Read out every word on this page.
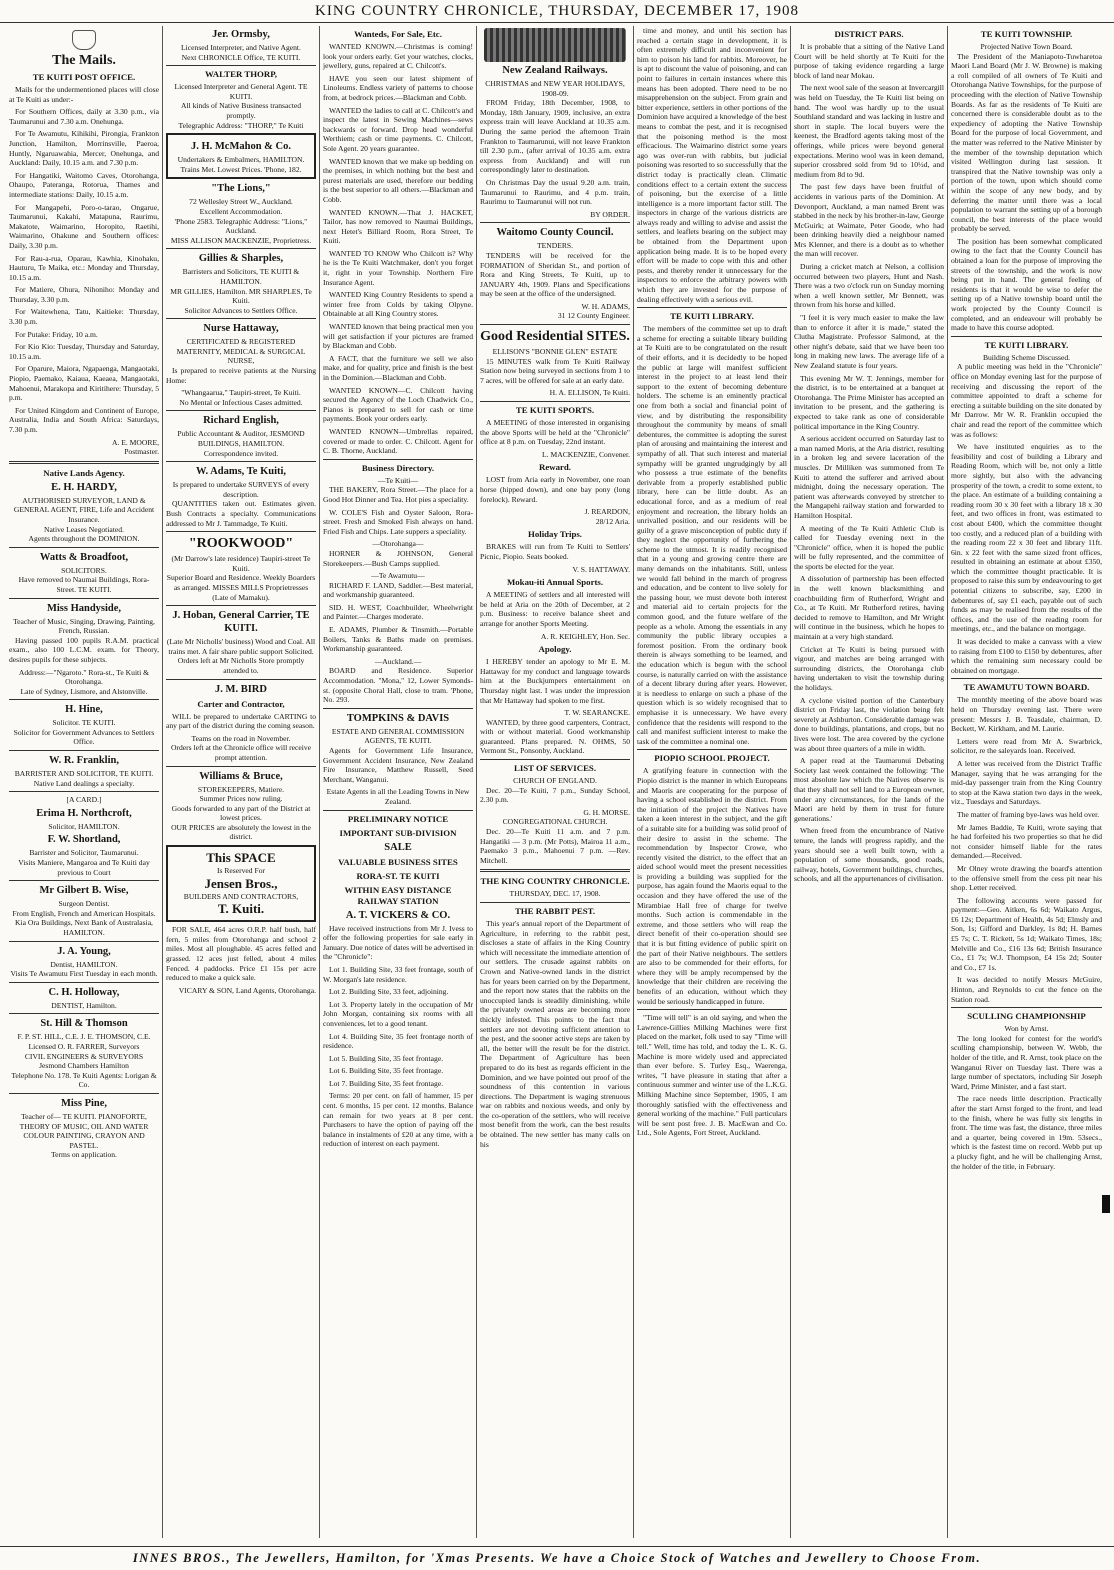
KING COUNTRY CHRONICLE, THURSDAY, DECEMBER 17, 1908
The Mails.
TE KUITI POST OFFICE.

Mails for the undermentioned places will close at Te Kuiti as under:-

For Southern Offices, daily at 3.30 p.m., via Taumarunui and 7.30 a.m. Onehunga.

For Te Awamutu, Kihikihi, Pirongia, Frankton Junction, Hamilton, Morrinsville, Paeroa, Huntly, Ngaruawahia, Mercer, Onehunga, and Auckland: Daily, 10.15 a.m. and 7.30 p.m.

For Hangatiki, Waitomo Caves, Otorohanga, Ohaupo, Pateranga, Rotorua, Thames and intermediate stations: Daily, 10.15 a.m.

For Mangapehi, Poro-o-tarao, Ongarue, Taumarunui, Kakahi, Matapuna, Raurimu, Makatote, Waimarino, Horopito, Raetihi, Waimarino, Ohakune and Southern offices: Daily, 3.30 p.m.

For Rau-a-rua, Oparau, Kawhia, Kinohaku, Hauturu, Te Maika, etc.: Monday and Thursday, 10.15 a.m.

For Matiere, Ohura, Nihoniho: Monday and Thursday, 3.30 p.m.

For Waitewhena, Tatu, Kaitieke: Thursday, 3.30 p.m.

For Putake: Friday, 10 a.m.

For Kio Kio: Tuesday, Thursday and Saturday, 10.15 a.m.

For Oparure, Maiora, Ngapaenga, Mangaotaki, Piopio, Paemako, Kaiaua, Kaeaea, Mangaotaki, Mahoenui, Marakopa and Kiritihere: Thursday, 5 p.m.

For United Kingdom and Continent of Europe, Australia, India and South Africa: Saturdays, 7.30 p.m.

A. E. MOORE,
Postmaster.
Native Lands Agency.
E. H. HARDY,
AUTHORISED SURVEYOR, LAND & GENERAL AGENT, FIRE, Life and Accident Insurance.
Native Leases Negotiated.
Agents throughout the DOMINION.
Watts & Broadfoot,
SOLICITORS.
Have removed to Naumai Buildings, Rora-Street. TE KUITI.
Miss Handyside,
Teacher of Music, Singing, Drawing, Painting, French, Russian.

Having passed 100 pupils R.A.M. practical exam., also 100 L.C.M. exam. for Theory, desires pupils for these subjects.

Address:—"Ngaroto." Rora-st., Te Kuiti & Otorohanga.
Late of Sydney, Lismore, and Alstonville.
H. Hine,
Solicitor. TE KUITI.
Solicitor for Government Advances to Settlers Office.
W. R. Franklin,
BARRISTER AND SOLICITOR, TE KUITI.
Native Land dealings a specialty.
[A CARD.]
Erima H. Northcroft,
Solicitor, HAMILTON.
F. W. Shortland,
Barrister and Solicitor, Taumarunui.
Visits Maniere, Mangaroa and Te Kuiti day previous to Court
Mr Gilbert B. Wise,
Surgeon Dentist.
From English, French and American Hospitals. Kia Ora Buildings, Next Bank of Australasia, HAMILTON.
J. A. Young,
Dentist, HAMILTON.
Visits Te Awamutu First Tuesday in each month.
C. H. Holloway,
DENTIST, Hamilton.
St. Hill & Thomson
F. P. ST. HILL, C.E. J. E. THOMSON, C.E. Licensed O. R. FARRER, Surveyors
CIVIL ENGINEERS & SURVEYORS
Jesmond Chambers Hamilton
Telephone No. 178. Te Kuiti Agents: Lorigan & Co.
Miss Pine,
Teacher of— TE KUITI. PIANOFORTE, THEORY OF MUSIC, OIL AND WATER COLOUR PAINTING, CRAYON AND PASTEL.
Terms on application.
Jer. Ormsby,
Licensed Interpreter, and Native Agent.
Next CHRONICLE Office, TE KUITI.
WALTER THORP,
Licensed Interpreter and General Agent. TE KUITI.
All kinds of Native Business transacted promptly.
Telegraphic Address: "THORP," Te Kuiti
J. H. McMahon & Co.
Undertakers & Embalmers, HAMILTON.
Trains Met. Lowest Prices. 'Phone, 182.
"The Lions,"
72 Wellesley Street W., Auckland.
Excellent Accommodation.
'Phone 2583. Telegraphic Address: "Lions," Auckland.
MISS ALLISON MACKENZIE, Proprietress.
Gillies & Sharples,
Barristers and Solicitors, TE KUITI & HAMILTON.
MR GILLIES, Hamilton. MR SHARPLES, Te Kuiti.
Solicitor Advances to Settlers Office.
Nurse Hattaway,
CERTIFICATED & REGISTERED MATERNITY, MEDICAL & SURGICAL NURSE,

Is prepared to receive patients at the Nursing Home:

"Whangaarua," Taupiri-street, Te Kuiti.
No Mental or Infectious Cases admitted.
Richard English,
Public Accountant & Auditor, JESMOND BUILDINGS, HAMILTON.
Correspondence invited.
W. Adams, Te Kuiti,
Is prepared to undertake SURVEYS of every description.

QUANTITIES taken out. Estimates given. Bush Contracts a specialty. Communications addressed to Mr J. Tammadge, Te Kuiti.

"ROOKWOOD"
(Mr Darrow's late residence) Taupiri-street Te Kuiti.
Superior Board and Residence. Weekly Boarders as arranged. MISSES MILLS Proprietresses (Late of Mamaku).
J. Hoban, General Carrier, TE KUITI.
(Late Mr Nicholls' business) Wood and Coal. All trains met. A fair share public support Solicited.
Orders left at Mr Nicholls Store promptly attended to.
J. M. BIRD
Carter and Contractor,

WILL be prepared to undertake CARTING to any part of the district during the coming season.

Teams on the road in November.
Orders left at the Chronicle office will receive prompt attention.
Williams & Bruce,
STOREKEEPERS, Matiere.
Summer Prices now ruling.
Goods forwarded to any part of the District at lowest prices.
OUR PRICES are absolutely the lowest in the district.
This SPACE
Is Reserved For
Jensen Bros.,
BUILDERS AND CONTRACTORS,
T. Kuiti.

FOR SALE, 464 acres O.R.P. half bush, half fern, 5 miles from Otorohanga and school 2 miles. Most all ploughable. 45 acres felled and grassed. 12 aces just felled, about 4 miles Fenced. 4 paddocks. Price £1 15s per acre reduced to make a quick sale.

VICARY & SON, Land Agents, Otorohanga.
Wanteds, For Sale, Etc.

WANTED KNOWN.—Christmas is coming! look your orders early. Get your watches, clocks, jewellery, guns, repaired at C. Chilcott's.

HAVE you seen our latest shipment of Linoleums. Endless variety of patterns to choose from, at bedrock prices.—Blackman and Cobb.

WANTED the ladies to call at C. Chilcott's and inspect the latest in Sewing Machines—sews backwards or forward. Drop head wonderful Werthiem; cash or time payments. C. Chilcott, Sole Agent. 20 years guarantee.

WANTED known that we make up bedding on the premises, in which nothing but the best and purest materials are used, therefore our bedding is the best superior to all others.—Blackman and Cobb.

WANTED KNOWN.—That J. HACKET, Tailor, has now removed to Naumai Buildings, next Hetet's Billiard Room, Rora Street, Te Kuiti.

WANTED TO KNOW Who Chilcott is? Why he is the Te Kuiti Watchmaker, don't you forget it, right in your Township. Northern Fire Insurance Agent.

WANTED King Country Residents to spend a winter free from Colds by taking Olpyne. Obtainable at all King Country stores.

WANTED known that being practical men you will get satisfaction if your pictures are framed by Blackman and Cobb.

A FACT, that the furniture we sell we also make, and for quality, price and finish is the best in the Dominion.—Blackman and Cobb.

WANTED KNOWN—C. Chilcott having secured the Agency of the Loch Chadwick Co., Pianos is prepared to sell for cash or time payments. Book your orders early.

WANTED KNOWN—Umbrellas repaired, covered or made to order. C. Chilcott. Agent for C. B. Thorne, Auckland.

Business Directory.
—Te Kuiti—

THE BAKERY, Rora Street.—The place for a Good Hot Dinner and Tea. Hot pies a speciality.

W. COLE'S Fish and Oyster Saloon, Rora-street. Fresh and Smoked Fish always on hand. Fried Fish and Chips. Late suppers a speciality.

—Otorohanga—

HORNER & JOHNSON, General Storekeepers.—Bush Camps supplied.

—Te Awamutu—

RICHARD F. LAND, Saddler.—Best material, and workmanship guaranteed.

SID. H. WEST, Coachbuilder, Wheelwright and Painter.—Charges moderate.

E. ADAMS, Plumber & Tinsmith.—Portable Boilers, Tanks & Baths made on premises. Workmanship guaranteed.

—Auckland.—

BOARD and Residence. Superior Accommodation. "Mona," 12, Lower Symonds-st. (opposite Choral Hall, close to tram. 'Phone, No. 293.

TOMPKINS & DAVIS
ESTATE AND GENERAL COMMISSION AGENTS, TE KUITI.

Agents for Government Life Insurance, Government Accident Insurance, New Zealand Fire Insurance, Matthew Russell, Seed Merchant, Wanganui.

Estate Agents in all the Leading Towns in New Zealand.
PRELIMINARY NOTICE
IMPORTANT SUB-DIVISION
SALE
VALUABLE BUSINESS SITES
RORA-ST. TE KUITI
WITHIN EASY DISTANCE RAILWAY STATION
A. T. VICKERS & CO.

Have received instructions from Mr J. Ivess to offer the following properties for sale early in January. Due notice of dates will be advertised in the "Chronicle":

Lot 1. Building Site, 33 feet frontage, south of W. Morgan's late residence.

Lot 2. Building Site, 33 feet, adjoining.

Lot 3. Property lately in the occupation of Mr John Morgan, containing six rooms with all conveniences, let to a good tenant.

Lot 4. Building Site, 35 feet frontage north of residence.

Lot 5. Building Site, 35 feet frontage.

Lot 6. Building Site, 35 feet frontage.

Lot 7. Building Site, 35 feet frontage.

Terms: 20 per cent. on fall of hammer, 15 per cent. 6 months, 15 per cent. 12 months. Balance can remain for two years at 8 per cent. Purchasers to have the option of paying off the balance in instalments of £20 at any time, with a reduction of interest on each payment.

New Zealand Railways.
CHRISTMAS and NEW YEAR HOLIDAYS, 1908-09.

FROM Friday, 18th December, 1908, to Monday, 18th January, 1909, inclusive, an extra express train will leave Auckland at 10.35 a.m. During the same period the afternoon Train Frankton to Taumarunui, will not leave Frankton till 2.30 p.m., (after arrival of 10.35 a.m. extra express from Auckland) and will run correspondingly later to destination.

On Christmas Day the usual 9.20 a.m. train, Taumarunui to Raurimu, and 4 p.m. train, Raurimu to Taumarunui will not run.

BY ORDER.
Waitomo County Council.
TENDERS.

TENDERS will be received for the FORMATION of Sheridan St., and portion of Rora and King Streets, Te Kuiti, up to JANUARY 4th, 1909. Plans and Specifications may be seen at the office of the undersigned.

W. H. ADAMS,
31 12 County Engineer.
Good Residential SITES.
ELLISON'S "BONNIE GLEN" ESTATE

15 MINUTES walk from Te Kuiti Railway Station now being surveyed in sections from 1 to 7 acres, will be offered for sale at an early date.

H. A. ELLISON, Te Kuiti.
TE KUITI SPORTS.

A MEETING of those interested in organising the above Sports will be held at the "Chronicle" office at 8 p.m. on Tuesday, 22nd instant.

L. MACKENZIE, Convener.
Reward.

LOST from Aria early in November, one roan horse (hipped down), and one bay pony (long forelock). Reward.

J. REARDON,
28/12 Aria.
Holiday Trips.

BRAKES will run from Te Kuiti to Settlers' Picnic, Piopio. Seats booked.

V. S. HATTAWAY.
Mokau-iti Annual Sports.

A MEETING of settlers and all interested will be held at Aria on the 20th of December, at 2 p.m. Business: to receive balance sheet and arrange for another Sports Meeting.

A. R. KEIGHLEY, Hon. Sec.
Apology.

I HEREBY tender an apology to Mr E. M. Hattaway for my conduct and language towards him at the Buckjumpers entertainment on Thursday night last. I was under the impression that Mr Hattaway had spoken to me first.

T. W. SEARANCKE.

WANTED, by three good carpenters, Contract, with or without material. Good workmanship guaranteed. Plans prepared. N. OHMS, 50 Vermont St., Ponsonby, Auckland.

LIST OF SERVICES.
CHURCH OF ENGLAND.

Dec. 20—Te Kuiti, 7 p.m., Sunday School, 2.30 p.m.

G. H. MORSE.
CONGREGATIONAL CHURCH.

Dec. 20—Te Kuiti 11 a.m. and 7 p.m. Hangatiki — 3 p.m. (Mr Potts), Mairoa 11 a.m., Paemako 3 p.m., Mahoenui 7 p.m. —Rev. Mitchell.

THE KING COUNTRY CHRONICLE.
THURSDAY, DEC. 17, 1908.
THE RABBIT PEST.

This year's annual report of the Department of Agriculture, in referring to the rabbit pest, discloses a state of affairs in the King Country which will necessitate the immediate attention of our settlers. The crusade against rabbits on Crown and Native-owned lands in the district has for years been carried on by the Department, and the report now states that the rabbits on the unoccupied lands is steadily diminishing, while the privately owned areas are becoming more thickly infested. This points to the fact that settlers are not devoting sufficient attention to the pest, and the sooner active steps are taken by all, the better will the result be for the district. The Department of Agriculture has been prepared to do its best as regards efficient in the Dominion, and we have pointed out proof of the soundness of this contention in various directions. The Department is waging strenuous war on rabbits and noxious weeds, and only by the co-operation of the settlers, who will receive most benefit from the work, can the best results be obtained. The new settler has many calls on his

time and money, and until his section has reached a certain stage in development, it is often extremely difficult and inconvenient for him to poison his land for rabbits. Moreover, he is apt to discount the value of poisoning, and can point to failures in certain instances where this means has been adopted. There need to be no misapprehension on the subject. From grain and bitter experience, settlers in other portions of the Dominion have acquired a knowledge of the best means to combat the pest, and it is recognised that the poisoning method is the most efficacious. The Waimarino district some years ago was over-run with rabbits, but judicial poisoning was resorted to so successfully that the district today is practically clean. Climatic conditions effect to a certain extent the success of poisoning, but the exercise of a little intelligence is a more important factor still. The inspectors in charge of the various districts are always ready and willing to advise and assist the settlers, and leaflets bearing on the subject may be obtained from the Department upon application being made. It is to be hoped every effort will be made to cope with this and other pests, and thereby render it unnecessary for the inspectors to enforce the arbitrary powers with which they are invested for the purpose of dealing effectively with a serious evil.

TE KUITI LIBRARY.

The members of the committee set up to draft a scheme for erecting a suitable library building at Te Kuiti are to be congratulated on the result of their efforts, and it is decidedly to be hoped the public at large will manifest sufficient interest in the project to at least lend their support to the extent of becoming debenture holders. The scheme is an eminently practical one from both a social and financial point of view, and by distributing the responsibility throughout the community by means of small debentures, the committee is adopting the surest plan of arousing and maintaining the interest and sympathy of all. That such interest and material sympathy will be granted ungrudgingly by all who possess a true estimate of the benefits derivable from a properly established public library, here can be little doubt. As an educational force, and as a medium of real enjoyment and recreation, the library holds an unrivalled position, and our residents will be guilty of a grave misconception of public duty if they neglect the opportunity of furthering the scheme to the utmost. It is readily recognised that in a young and growing centre there are many demands on the inhabitants. Still, unless we would fall behind in the march of progress and education, and be content to live solely for the passing hour, we must devote both interest and material aid to certain projects for the common good, and the future welfare of the people as a whole. Among the essentials in any community the public library occupies a foremost position. From the ordinary book therein is always something to be learned, and the education which is begun with the school course, is naturally carried on with the assistance of a decent library during after years. However, it is needless to enlarge on such a phase of the question which is so widely recognised that to emphasise it is unnecessary. We have every confidence that the residents will respond to the call and manifest sufficient interest to make the task of the committee a nominal one.

PIOPIO SCHOOL PROJECT.

A gratifying feature in connection with the Piopio district is the manner in which Europeans and Maoris are cooperating for the purpose of having a school established in the district. From the initiation of the project the Natives have taken a keen interest in the subject, and the gift of a suitable site for a building was solid proof of their desire to assist in the scheme. The recommendation by Inspector Crowe, who recently visited the district, to the effect that an aided school would meet the present necessities is providing a building was supplied for the purpose, has again found the Maoris equal to the occasion and they have offered the use of the Mirambiae Hall free of charge for twelve months. Such action is commendable in the extreme, and those settlers who will reap the direct benefit of their co-operation should see that it is but fitting evidence of public spirit on the part of their Native neighbours. The settlers are also to be commended for their efforts, for where they will be amply recompensed by the knowledge that their children are receiving the benefits of an education, without which they would be seriously handicapped in future.

"Time will tell" is an old saying, and when the Lawrence-Gillies Milking Machines were first placed on the market, folk used to say "Time will tell." Well, time has told, and today the L. K. G. Machine is more widely used and appreciated than ever before. S. Turley Esq., Waerenga, writes, "I have pleasure in stating that after a continuous summer and winter use of the L.K.G. Milking Machine since September, 1905, I am thoroughly satisfied with the effectiveness and general working of the machine." Full particulars will be sent post free. J. B. MacEwan and Co. Ltd., Sole Agents, Fort Street, Auckland.

DISTRICT PARS.

It is probable that a sitting of the Native Land Court will be held shortly at Te Kuiti for the purpose of taking evidence regarding a large block of land near Mokau.

The next wool sale of the season at Invercargill was held on Tuesday, the Te Kuiti list being on hand. The wool was hardly up to the usual Southland standard and was lacking in lustre and short in staple. The local buyers were the keenest, the Bradford agents taking most of the offerings, while prices were beyond general expectations. Merino wool was in keen demand, superior crossbred sold from 9d to 10½d, and medium from 8d to 9d.

The past few days have been fruitful of accidents in various parts of the Dominion. At Devonport, Auckland, a man named Brent was stabbed in the neck by his brother-in-law, George McGuirk; at Waimate, Peter Goode, who had been drinking heavily died a neighbour named Mrs Klenner, and there is a doubt as to whether the man will recover.

During a cricket match at Nelson, a collision occurred between two players, Hunt and Nash. There was a two o'clock run on Sunday morning when a well known settler, Mr Bennett, was thrown from his horse and killed.

"I feel it is very much easier to make the law than to enforce it after it is made," stated the Clutha Magistrate. Professor Salmond, at the other night's debate, said that we have been too long in making new laws. The average life of a New Zealand statute is four years.

This evening Mr W. T. Jennings, member for the district, is to be entertained at a banquet at Otorohanga. The Prime Minister has accepted an invitation to be present, and the gathering is expected to take rank as one of considerable political importance in the King Country.

A serious accident occurred on Saturday last to a man named Moris, at the Aria district, resulting in a broken leg and severe laceration of the muscles. Dr Milliken was summoned from Te Kuiti to attend the sufferer and arrived about midnight, doing the necessary operation. The patient was afterwards conveyed by stretcher to the Mangapehi railway station and forwarded to Hamilton Hospital.

A meeting of the Te Kuiti Athletic Club is called for Tuesday evening next in the "Chronicle" office, when it is hoped the public will be fully represented, and the committee of the sports be elected for the year.

A dissolution of partnership has been effected in the well known blacksmithing and coachbuilding firm of Rutherford, Wright and Co., at Te Kuiti. Mr Rutherford retires, having decided to remove to Hamilton, and Mr Wright will continue in the business, which he hopes to maintain at a very high standard.

Cricket at Te Kuiti is being pursued with vigour, and matches are being arranged with surrounding districts, the Otorohanga club having undertaken to visit the township during the holidays.

A cyclone visited portion of the Canterbury district on Friday last, the violation being felt severely at Ashburton. Considerable damage was done to buildings, plantations, and crops, but no lives were lost. The area covered by the cyclone was about three quarters of a mile in width.

A paper read at the Taumarunui Debating Society last week contained the following: 'The most absolute law which the Natives observe is that they shall not sell land to a European owner, under any circumstances, for the lands of the Maori are held by them in trust for future generations.'

When freed from the encumbrance of Native tenure, the lands will progress rapidly, and the years should see a well built town, with a population of some thousands, good roads, railway, hotels, Government buildings, churches, schools, and all the appurtenances of civilisation.

TE KUITI TOWNSHIP.
Projected Native Town Board.

The President of the Maniapoto-Tuwharetoa Maori Land Board (Mr J. W. Browne) is making a roll compiled of all owners of Te Kuiti and Otorohanga Native Townships, for the purpose of proceeding with the election of Native Township Boards. As far as the residents of Te Kuiti are concerned there is considerable doubt as to the expediency of adopting the Native Township Board for the purpose of local Government, and the matter was referred to the Native Minister by the member of the township deputation which visited Wellington during last session. It transpired that the Native township was only a portion of the town, upon which should come within the scope of any new body, and by deferring the matter until there was a local population to warrant the setting up of a borough council, the best interests of the place would probably be served.

The position has been somewhat complicated owing to the fact that the County Council has obtained a loan for the purpose of improving the streets of the township, and the work is now being put in hand. The general feeling of residents is that it would be wise to defer the setting up of a Native township board until the work projected by the County Council is completed, and an endeavour will probably be made to have this course adopted.

TE KUITI LIBRARY.
Building Scheme Discussed.

A public meeting was held in the "Chronicle" office on Monday evening last for the purpose of receiving and discussing the report of the committee appointed to draft a scheme for erecting a suitable building on the site donated by Mr Darrow. Mr W. R. Franklin occupied the chair and read the report of the committee which was as follows:

We have instituted enquiries as to the feasibility and cost of building a Library and Reading Room, which will be, not only a little more sightly, but also with the advancing prosperity of the town, a credit to some extent, to the place. An estimate of a building containing a reading room 30 x 30 feet with a library 18 x 30 feet, and two offices in front, was estimated to cost about £400, which the committee thought too costly, and a reduced plan of a building with the reading room 22 x 30 feet and library 11ft. 6in. x 22 feet with the same sized front offices, resulted in obtaining an estimate at about £350, which the committee thought practicable. It is proposed to raise this sum by endeavouring to get potential citizens to subscribe, say, £200 in debentures of, say £1 each, payable out of such funds as may be realised from the results of the offices, and the use of the reading room for meetings, etc., and the balance on mortgage.

It was decided to make a canvass with a view to raising from £100 to £150 by debentures, after which the remaining sum necessary could be obtained on mortgage.

TE AWAMUTU TOWN BOARD.

The monthly meeting of the above board was held on Thursday evening last. There were present: Messrs J. B. Teasdale, chairman, D. Beckett, W. Kirkham, and M. Laurie.

Letters were read from Mr A. Swarbrick, solicitor, re the saleyards loan. Received.

A letter was received from the District Traffic Manager, saying that he was arranging for the mid-day passenger train from the King Country to stop at the Kawa station two days in the week, viz., Tuesdays and Saturdays.

The matter of framing bye-laws was held over.

Mr James Baddie, Te Kuiti, wrote saying that he had forfeited his two properties so that he did not consider himself liable for the rates demanded.—Received.

Mr Olney wrote drawing the board's attention to the offensive smell from the cess pit near his shop. Letter received.

The following accounts were passed for payment:—Geo. Aitken, 6s 6d; Waikato Argus, £6 12s; Department of Health, 4s 5d; Elmsly and Son, 1s; Gifford and Darkley, 1s 8d; H. Barnes £5 7s; C. T. Rickett, 5s 1d; Waikato Times, 18s; Melville and Co., £16 13s 6d; British Insurance Co., £1 7s; W.J. Thompson, £4 15s 2d; Souter and Co., £7 1s.

It was decided to notify Messrs McGuire, Hinton, and Reynolds to cut the fence on the Station road.

SCULLING CHAMPIONSHIP
Won by Arnst.

The long looked for contest for the world's sculling championship, between W. Webb, the holder of the title, and R. Arnst, took place on the Wanganui River on Tuesday last. There was a large number of spectators, including Sir Joseph Ward, Prime Minister, and a fast start.

The race needs little description. Practically after the start Arnst forged to the front, and lead to the finish, where he was fully six lengths in front. The time was fast, the distance, three miles and a quarter, being covered in 19m. 53secs., which is the fastest time on record. Webb put up a plucky fight, and he will be challenging Arnst, the holder of the title, in February.

INNES BROS., The Jewellers, Hamilton, for 'Xmas Presents. We have a Choice Stock of Watches and Jewellery to Choose From.
